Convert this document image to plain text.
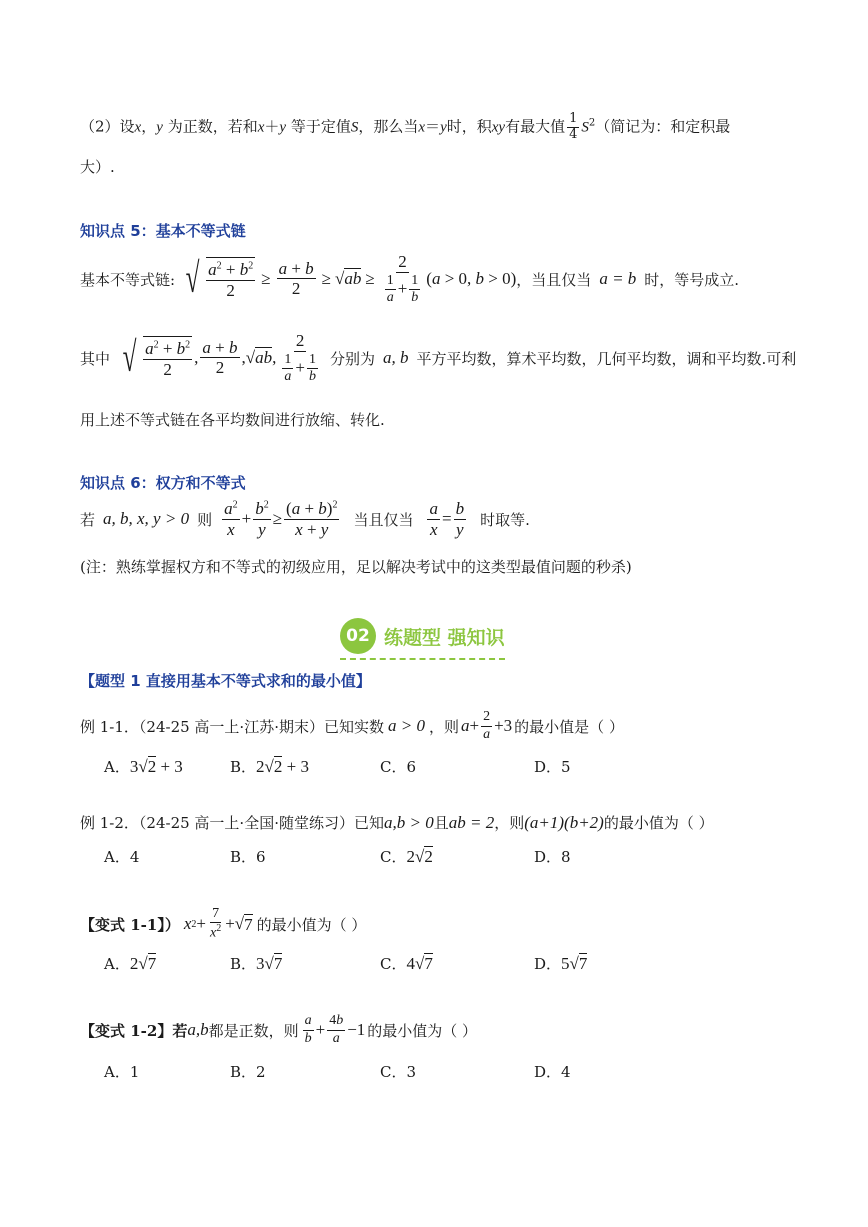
（2）设x，y 为正数，若和x＋y 等于定值S，那么当x＝y时，积xy有最大值 $\frac{1}{4} S^2$（简记为：和定积最
大）.
知识点 5：基本不等式链
基本不等式链: √ $\frac{a^2 + b^2}{2} \ge \frac{a + b}{2} \ge √ab \ge \frac{2}{\frac{1}{a} + \frac{1}{b}} (a > 0$, b > 0) ，当且仅当 a = b 时，等号成立.
其中 √ $\frac{a^2 + b^2}{2}$ , $\frac{a + b}{2}$ , √ab , $\frac{2}{\frac{1}{a} + \frac{1}{b}}$ 分别为 a, b 平方平均数，算术平均数，几何平均数，调和平均数.可利
用上述不等式链在各平均数间进行放缩、转化.
知识点 6：权方和不等式
若 a, b, x, y > 0 则 $\frac{a^2}{x} + \frac{b^2}{y} \ge \frac{(a + b)^2}{x + y}$ 当且仅当 $\frac{a}{x} = \frac{b}{y}$ 时取等.
(注：熟练掌握权方和不等式的初级应用，足以解决考试中的这类型最值问题的秒杀)
02 练题型 强知识
【题型 1 直接用基本不等式求和的最小值】
例 1-1．（24-25 高一上·江苏·期末）已知实数 a > 0 ，则 $a + \frac{2}{a} +3$ 的最小值是（ ）
A．3√2 + 3	B．2√2 + 3	C．6	D．5
例 1-2．（24-25 高一上·全国·随堂练习）已知a,b > 0且ab = 2，则(a+1)(b+2)的最小值为（ ）
A．4	B．6	C．2√2	D．8
【变式 1-1】） x $2 + \frac{7}{x^2}$ +√ 7 的最小值为（ ）
A．2√7	B．3√7	C．4√7	D．5√7
【变式 1-2】若 a,b 都是正数，则 $\frac{a}{b} + \frac{4b}{a} -1$ 的最小值为（ ）
A．1	B．2	C．3	D．4
